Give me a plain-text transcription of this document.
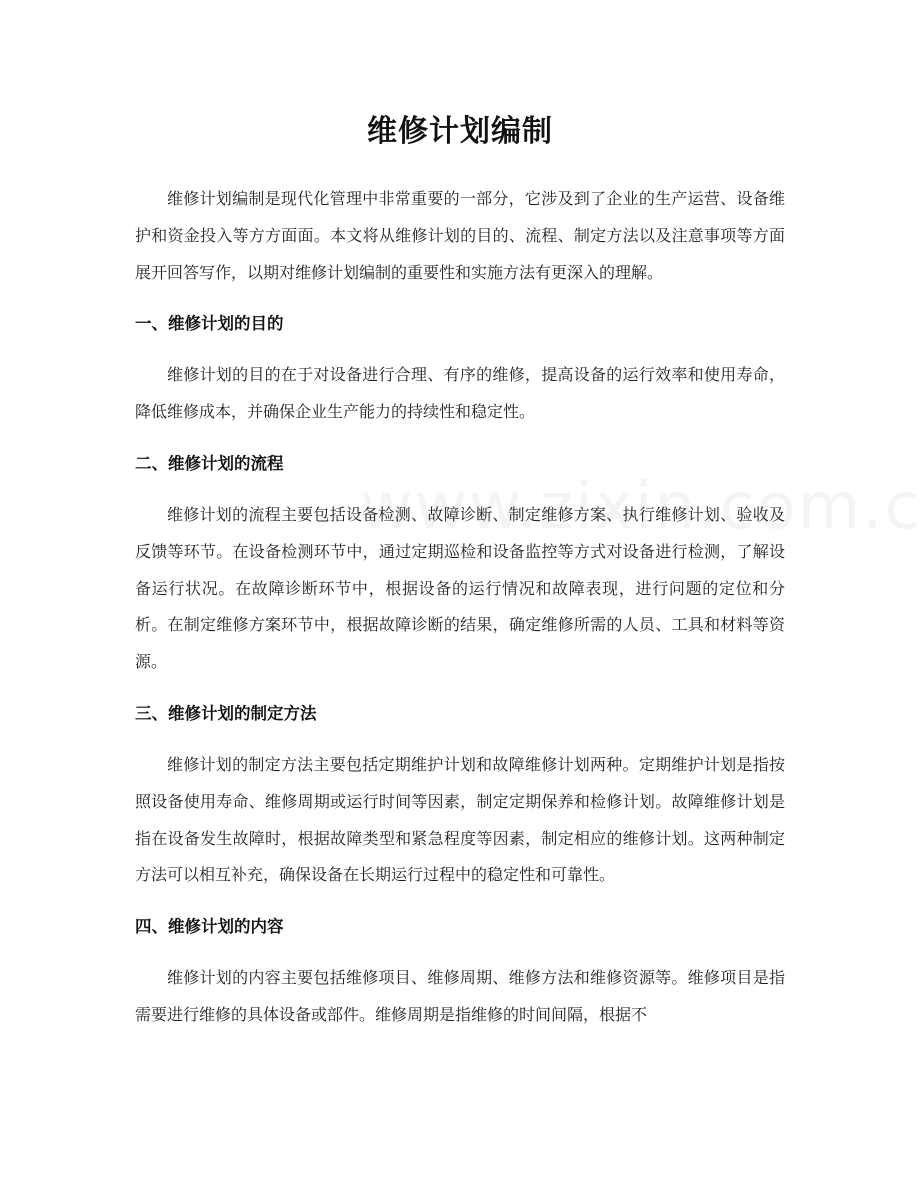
维修计划编制

维修计划编制是现代化管理中非常重要的一部分，它涉及到了企业的生产运营、设备维护和资金投入等方方面面。本文将从维修计划的目的、流程、制定方法以及注意事项等方面展开回答写作，以期对维修计划编制的重要性和实施方法有更深入的理解。

一、维修计划的目的

维修计划的目的在于对设备进行合理、有序的维修，提高设备的运行效率和使用寿命，降低维修成本，并确保企业生产能力的持续性和稳定性。

二、维修计划的流程

维修计划的流程主要包括设备检测、故障诊断、制定维修方案、执行维修计划、验收及反馈等环节。在设备检测环节中，通过定期巡检和设备监控等方式对设备进行检测，了解设备运行状况。在故障诊断环节中，根据设备的运行情况和故障表现，进行问题的定位和分析。在制定维修方案环节中，根据故障诊断的结果，确定维修所需的人员、工具和材料等资源。

三、维修计划的制定方法

维修计划的制定方法主要包括定期维护计划和故障维修计划两种。定期维护计划是指按照设备使用寿命、维修周期或运行时间等因素，制定定期保养和检修计划。故障维修计划是指在设备发生故障时，根据故障类型和紧急程度等因素，制定相应的维修计划。这两种制定方法可以相互补充，确保设备在长期运行过程中的稳定性和可靠性。

四、维修计划的内容

维修计划的内容主要包括维修项目、维修周期、维修方法和维修资源等。维修项目是指需要进行维修的具体设备或部件。维修周期是指维修的时间间隔，根据不
